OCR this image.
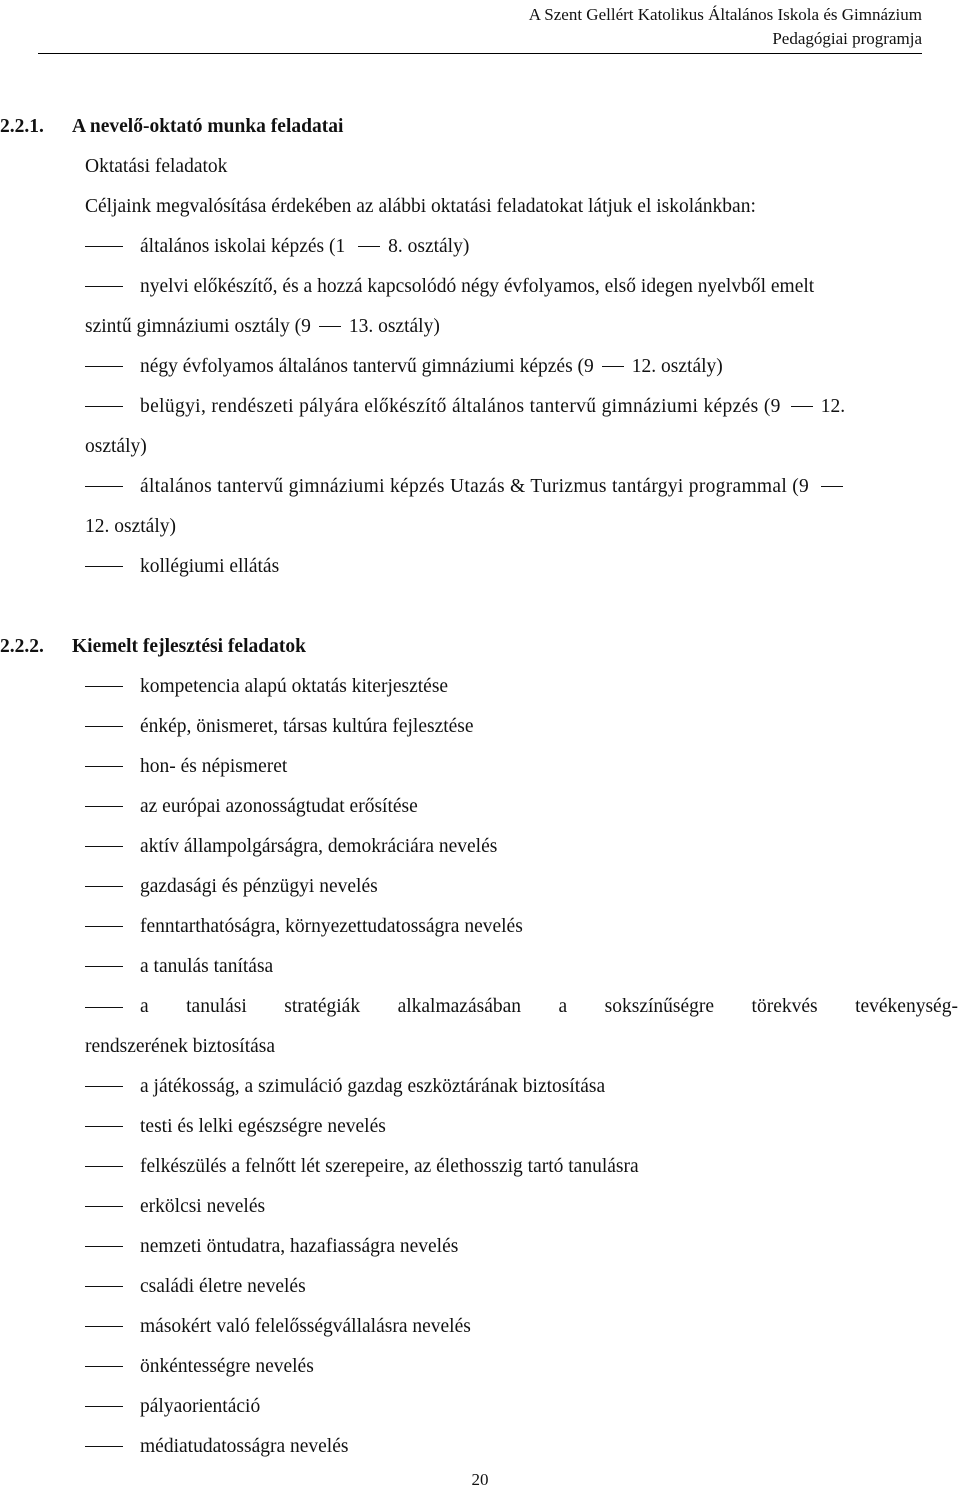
A Szent Gellért Katolikus Általános Iskola és Gimnázium
Pedagógiai programja
2.2.1. A nevelő-oktató munka feladatai
Oktatási feladatok
Céljaink megvalósítása érdekében az alábbi oktatási feladatokat látjuk el iskolánkban:
általános iskolai képzés (1 8. osztály)
nyelvi előkészítő, és a hozzá kapcsolódó négy évfolyamos, első idegen nyelvből emelt
szintű gimnáziumi osztály (9 13. osztály)
négy évfolyamos általános tantervű gimnáziumi képzés (9 12. osztály)
belügyi, rendészeti pályára előkészítő általános tantervű gimnáziumi képzés (9 12.
osztály)
általános tantervű gimnáziumi képzés Utazás & Turizmus tantárgyi programmal (9
12. osztály)
kollégiumi ellátás
2.2.2. Kiemelt fejlesztési feladatok
kompetencia alapú oktatás kiterjesztése
énkép, önismeret, társas kultúra fejlesztése
hon- és népismeret
az európai azonosságtudat erősítése
aktív állampolgárságra, demokráciára nevelés
gazdasági és pénzügyi nevelés
fenntarthatóságra, környezettudatosságra nevelés
a tanulás tanítása
a tanulási stratégiák alkalmazásában a sokszínűségre törekvés tevékenység-
rendszerének biztosítása
a játékosság, a szimuláció gazdag eszköztárának biztosítása
testi és lelki egészségre nevelés
felkészülés a felnőtt lét szerepeire, az élethosszig tartó tanulásra
erkölcsi nevelés
nemzeti öntudatra, hazafiasságra nevelés
családi életre nevelés
másokért való felelősségvállalásra nevelés
önkéntességre nevelés
pályaorientáció
médiatudatosságra nevelés
20
